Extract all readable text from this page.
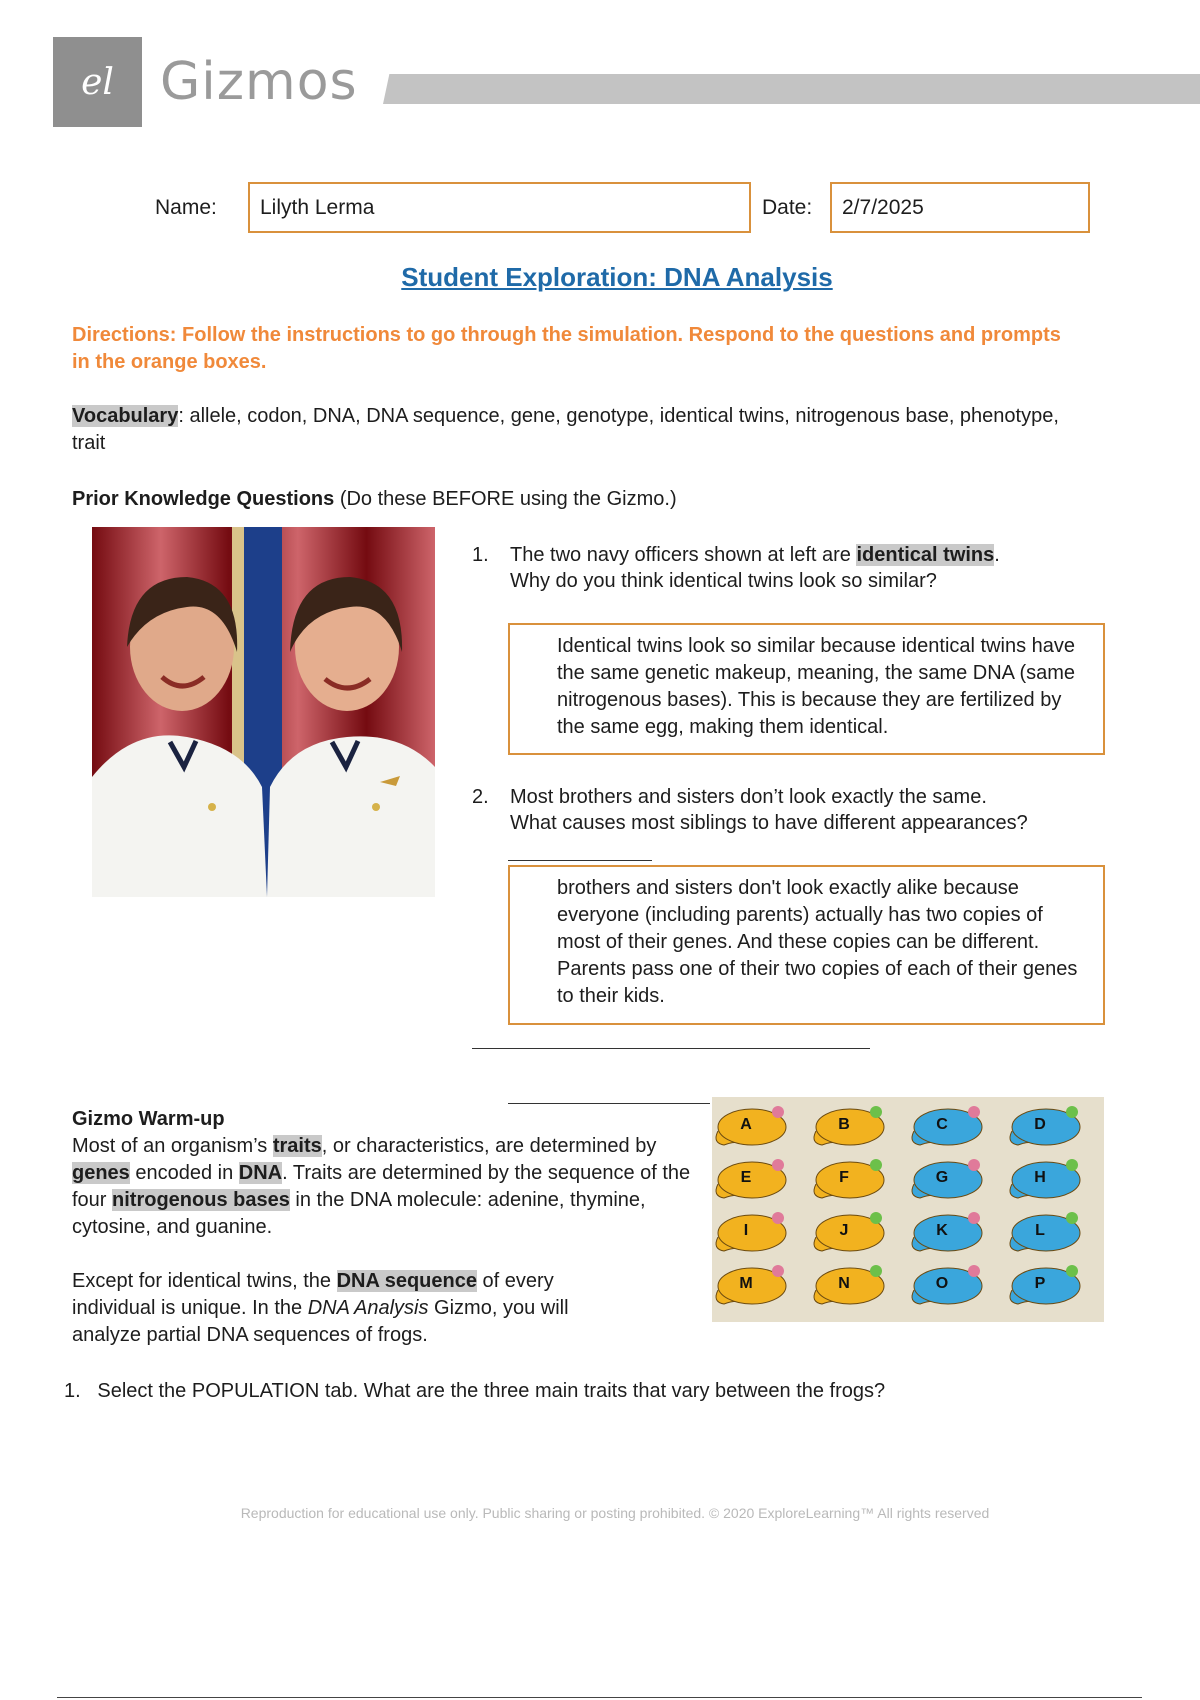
el Gizmos
Name:	Lilyth Lerma	Date:	2/7/2025
Student Exploration: DNA Analysis
Directions: Follow the instructions to go through the simulation. Respond to the questions and prompts in the orange boxes.
Vocabulary: allele, codon, DNA, DNA sequence, gene, genotype, identical twins, nitrogenous base, phenotype, trait
Prior Knowledge Questions (Do these BEFORE using the Gizmo.)
1. The two navy officers shown at left are identical twins.
Why do you think identical twins look so similar?
Identical twins look so similar because identical twins have the same genetic makeup, meaning, the same DNA (same nitrogenous bases). This is because they are fertilized by the same egg, making them identical.
2. Most brothers and sisters don’t look exactly the same.
What causes most siblings to have different appearances?
brothers and sisters don't look exactly alike because everyone (including parents) actually has two copies of most of their genes. And these copies can be different. Parents pass one of their two copies of each of their genes to their kids.
Gizmo Warm-up
Most of an organism’s traits, or characteristics, are determined by genes encoded in DNA. Traits are determined by the sequence of the four nitrogenous bases in the DNA molecule: adenine, thymine, cytosine, and guanine.
Except for identical twins, the DNA sequence of every individual is unique. In the DNA Analysis Gizmo, you will analyze partial DNA sequences of frogs.
A	B	C	D
E	F	G	H
I	J	K	L
M	N	O	P
1. Select the POPULATION tab. What are the three main traits that vary between the frogs?
Reproduction for educational use only. Public sharing or posting prohibited. © 2020 ExploreLearning™ All rights reserved
